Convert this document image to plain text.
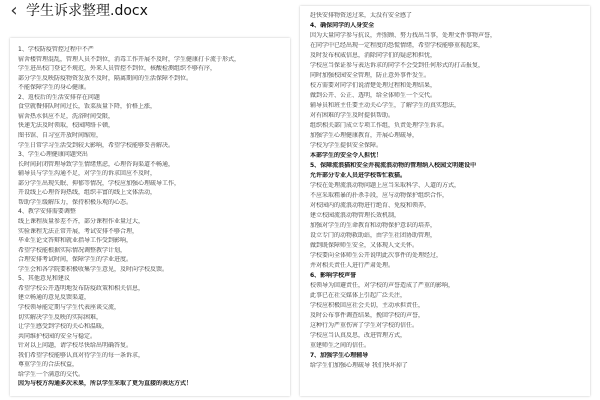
‹ 学生诉求整理.docx
1、学校防疫管控过程中不严
宿舍楼管理混乱，管理人员不到位，消毒工作开展不及时，学生健康打卡流于形式，
学生进出校门登记不规范，外来人员管控不到位，核酸检测组织不够有序，
部分学生反映防疫物资发放不及时，隔离期间的生活保障不到位。
不能保障学生的身心健康。
2、返校后的生活安排存在问题
食堂就餐排队时间过长，饭菜质量下降，价格上涨，
宿舍热水供应不足，洗浴时间受限，
快递无法及时领取，校园网络卡顿，
图书馆、自习室开放时间缩短，
学生日常学习生活受到较大影响，希望学校能够妥善解决。
3、学生心理健康问题突出
长时间封闭管理导致学生情绪焦虑，心理咨询渠道不畅通，
辅导员与学生沟通不足，对学生的诉求回应不及时，
部分学生出现失眠、抑郁等情况，学校应加强心理疏导工作，
开设线上心理咨询热线，组织丰富的线上文体活动，
帮助学生缓解压力，保持积极乐观的心态。
4、教学安排需要调整
线上课程质量参差不齐，部分课程作业量过大，
实验课程无法正常开展，考试安排不够合理，
毕业生论文答辩和就业指导工作受到影响，
希望学校能根据实际情况调整教学计划，
合理安排考试时间，保障学生的学业进度。
学生会和各学院要积极收集学生意见，及时向学校反馈。
5、其他意见和建议
希望学校公开透明地发布防疫政策和相关信息，
建立畅通的意见反馈渠道，
学校领导能定期与学生代表座谈交流，
切实解决学生反映的实际困难，
让学生感受到学校的关心和温暖，
共同维护校园的安全与稳定。
针对以上问题，请学校尽快给出明确答复。
我们希望学校能够认真对待学生的每一条诉求，
尊重学生的合法权益，
给学生一个满意的交代。
因为与校方沟通多次未果，所以学生采取了更为直接的表达方式！
赶快安排物资送过来，太没有安全感了
4、确保同学的人身安全
因为大量同学参与抗议，并照顾、努力找出当事，处理文件事物声誉，
在同学中已经出现一定程度的恐慌情绪，希望学校能够重视起来，
及时发布权威信息，消除同学们的疑虑和担忧，
学校应当保证参与表达诉求的同学不会受到任何形式的打击报复，
同时加强校园安全管理，防止意外事件发生。
校方需要对同学们说清楚处理过程和处理结果，
做到公开、公正、透明，给全体师生一个交代。
辅导员和班主任要主动关心学生，了解学生的真实想法，
对有困难的学生及时提供帮助。
组织相关部门成立专项工作组，负责处理学生诉求。
加强学生心理健康教育，开展心理疏导，
学校为学生提供安全保障。
本部学生的安全令人担忧！
5、保障流浪猫和安全并视流浪动物的管理纳入校园文明建设中
允许部分专业人员进学校帮忙救猫。
学校在处理流浪动物问题上应当采取科学、人道的方式，
不应采取粗暴的扑杀手段，应与动物保护组织合作，
对校园内的流浪动物进行绝育、免疫和领养，
建立校园流浪动物管理长效机制，
加强对学生的生命教育和动物保护意识的培养，
设立专门的动物救助站，由学生社团协助管理，
做到既保障师生安全，又体现人文关怀。
学校要向全体师生公开说明此次事件的处理经过，
并对相关责任人进行严肃处理。
6、影响学校声誉
校领导为回避责任，对学校的声誉造成了严重的影响，
此事已在社交媒体上引起广泛关注，
学校应积极回应社会关切，主动承担责任，
及时公布事件调查结果，挽回学校的声誉，
这种行为严重伤害了学生对学校的信任。
学校应当认真反思，改进管理方式，
重建师生之间的信任。
7、加强学生心理辅导
给学生们加强心理疏导 我们快坏掉了
